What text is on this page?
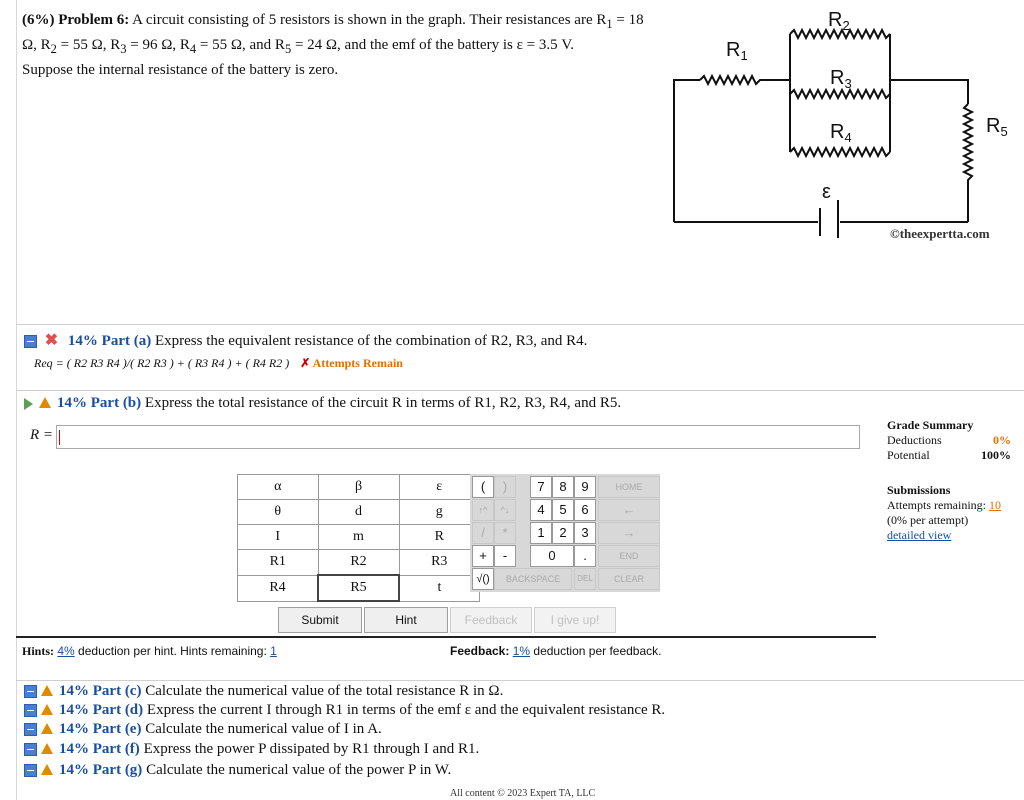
(6%) Problem 6: A circuit consisting of 5 resistors is shown in the graph. Their resistances are $R_1 = 18$ Ω, $R_2 = 55$ Ω, $R_3 = 96$ Ω, $R_4 = 55$ Ω, and $R_5 = 24$ Ω, and the emf of the battery is ε = 3.5 V.
Suppose the internal resistance of the battery is zero.
$R_1$
$R_2$
$R_3$
$R_4$
$R_5$
ε
©theexpertta.com
✖ 14% Part (a) Express the equivalent resistance of the combination of R2, R3, and R4.
Req = ( R2 R3 R4 )/( R2 R3 ) + ( R3 R4 ) + ( R4 R2 ) ✗ Attempts Remain
14% Part (b) Express the total resistance of the circuit R in terms of R1, R2, R3, R4, and R5.
R =
α	β	ε
θ	d	g
I	m	R
R1	R2	R3
R4	R5	t
(	)	7	8	9	HOME
↑^	^↓	4	5	6	←
/	*	1	2	3	→
+	-	0	.	END
√()	BACKSPACE	DEL	CLEAR
Submit	Hint	Feedback	I give up!
Hints: 4% deduction per hint. Hints remaining: 1	Feedback: 1% deduction per feedback.
Grade Summary
Deductions	0%
Potential	100%
Submissions
Attempts remaining: 10
(0% per attempt)
detailed view
14% Part (c) Calculate the numerical value of the total resistance R in Ω.
14% Part (d) Express the current I through R1 in terms of the emf ε and the equivalent resistance R.
14% Part (e) Calculate the numerical value of I in A.
14% Part (f) Express the power P dissipated by R1 through I and R1.
14% Part (g) Calculate the numerical value of the power P in W.
All content © 2023 Expert TA, LLC
